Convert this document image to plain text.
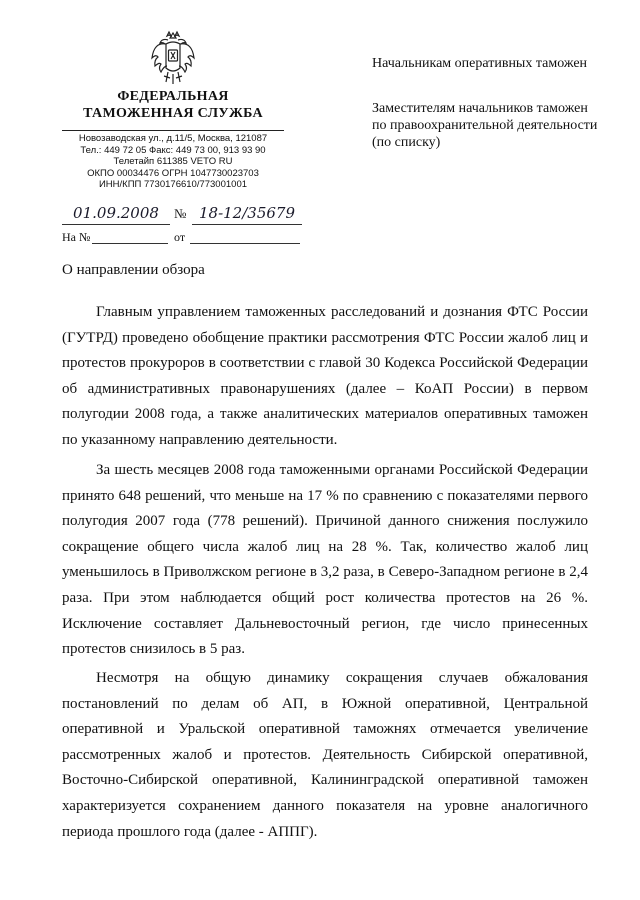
ФЕДЕРАЛЬНАЯ
ТАМОЖЕННАЯ СЛУЖБА
Новозаводская ул., д.11/5, Москва, 121087
Тел.: 449 72 05 Факс: 449 73 00, 913 93 90
Телетайп 611385 VETO RU
ОКПО 00034476 ОГРН 1047730023703
ИНН/КПП 7730176610/773001001
01.09.2008	№ 18-12/35679
На №	от
Начальникам оперативных таможен
Заместителям начальников таможен по правоохранительной деятельности (по списку)
О направлении обзора

Главным управлением таможенных расследований и дознания ФТС России (ГУТРД) проведено обобщение практики рассмотрения ФТС России жалоб лиц и протестов прокуроров в соответствии с главой 30 Кодекса Российской Федерации об административных правонарушениях (далее – КоАП России) в первом полугодии 2008 года, а также аналитических материалов оперативных таможен по указанному направлению деятельности.

За шесть месяцев 2008 года таможенными органами Российской Федерации принято 648 решений, что меньше на 17 % по сравнению с показателями первого полугодия 2007 года (778 решений). Причиной данного снижения послужило сокращение общего числа жалоб лиц на 28 %. Так, количество жалоб лиц уменьшилось в Приволжском регионе в 3,2 раза, в Северо-Западном регионе в 2,4 раза. При этом наблюдается общий рост количества протестов на 26 %. Исключение составляет Дальневосточный регион, где число принесенных протестов снизилось в 5 раз.

Несмотря на общую динамику сокращения случаев обжалования постановлений по делам об АП, в Южной оперативной, Центральной оперативной и Уральской оперативной таможнях отмечается увеличение рассмотренных жалоб и протестов. Деятельность Сибирской оперативной, Восточно-Сибирской оперативной, Калининградской оперативной таможен характеризуется сохранением данного показателя на уровне аналогичного периода прошлого года (далее - АППГ).
